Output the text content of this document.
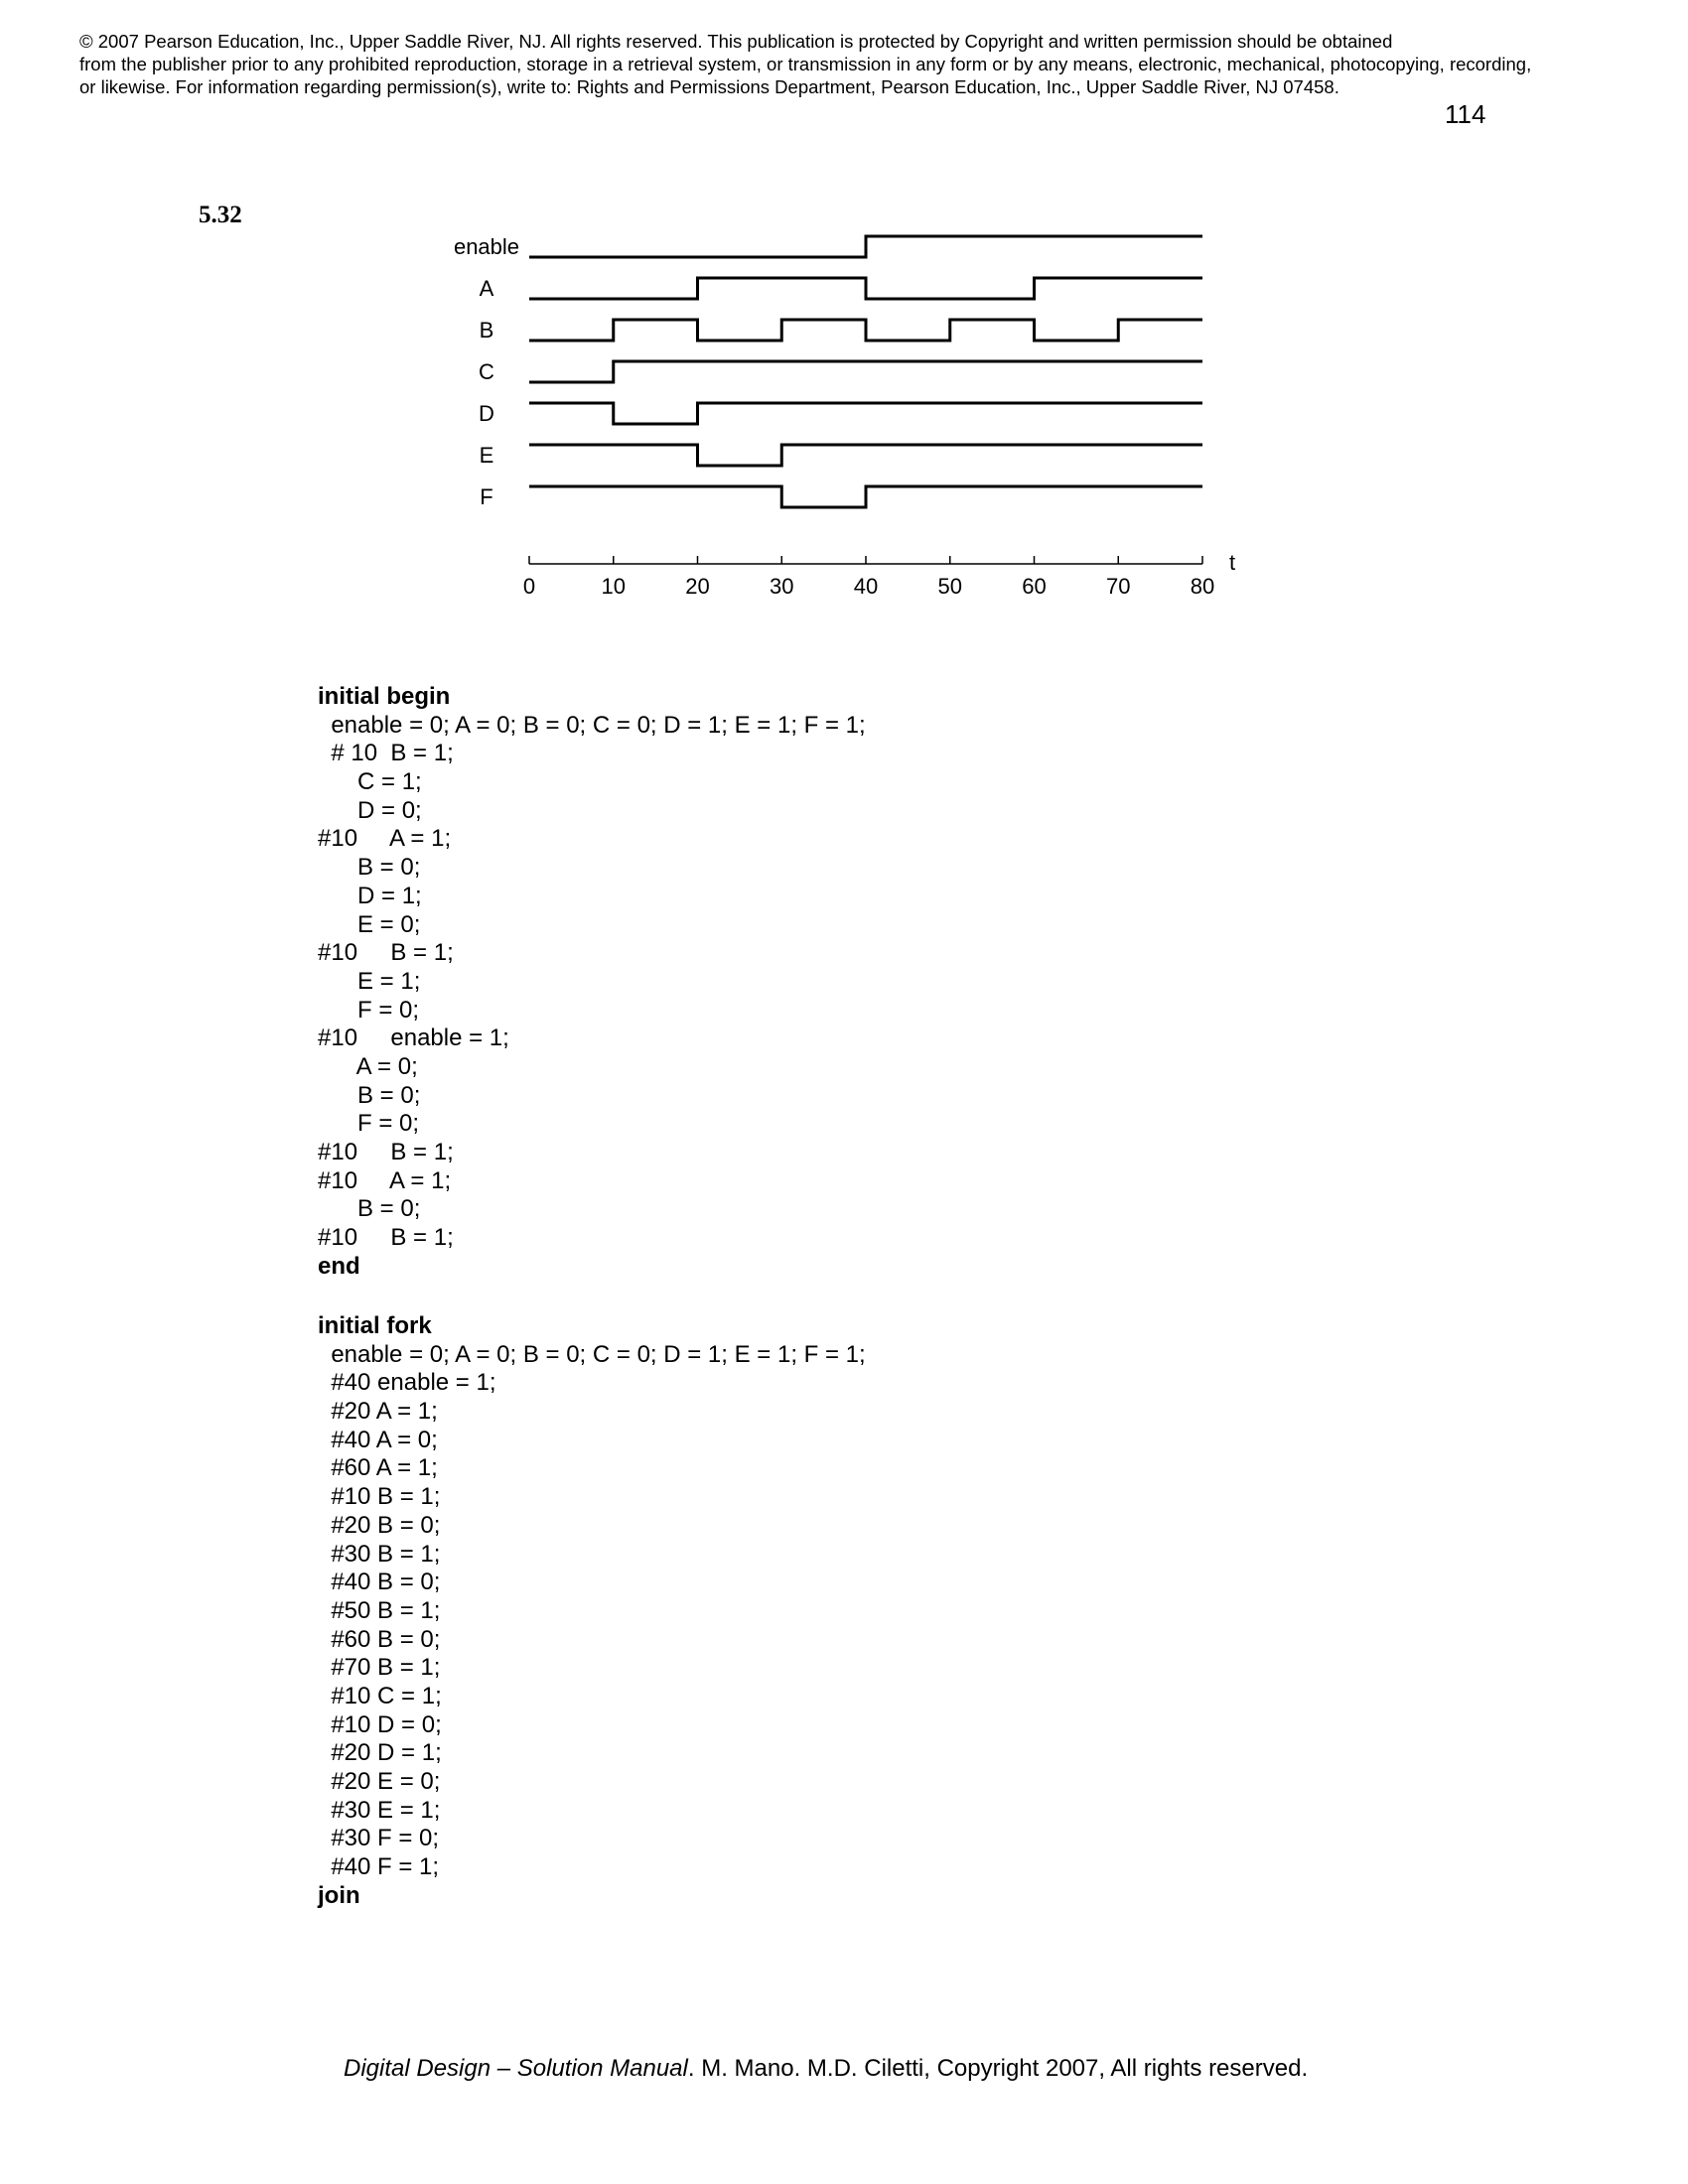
© 2007 Pearson Education, Inc., Upper Saddle River, NJ. All rights reserved. This publication is protected by Copyright and written permission should be obtained
from the publisher prior to any prohibited reproduction, storage in a retrieval system, or transmission in any form or by any means, electronic, mechanical, photocopying, recording,
or likewise. For information regarding permission(s), write to: Rights and Permissions Department, Pearson Education, Inc., Upper Saddle River, NJ 07458.
114
5.32
enable
A
B
C
D
E
F
0	10	20	30	40	50	60	70	80
t
initial begin
enable = 0; A = 0; B = 0; C = 0; D = 1; E = 1; F = 1;
# 10  B = 1;
C = 1;
D = 0;
#10     A = 1;
B = 0;
D = 1;
E = 0;
#10     B = 1;
E = 1;
F = 0;
#10     enable = 1;
A = 0;
B = 0;
F = 0;
#10     B = 1;
#10     A = 1;
B = 0;
#10     B = 1;
end
initial fork
enable = 0; A = 0; B = 0; C = 0; D = 1; E = 1; F = 1;
#40 enable = 1;
#20 A = 1;
#40 A = 0;
#60 A = 1;
#10 B = 1;
#20 B = 0;
#30 B = 1;
#40 B = 0;
#50 B = 1;
#60 B = 0;
#70 B = 1;
#10 C = 1;
#10 D = 0;
#20 D = 1;
#20 E = 0;
#30 E = 1;
#30 F = 0;
#40 F = 1;
join
Digital Design – Solution Manual. M. Mano. M.D. Ciletti, Copyright 2007, All rights reserved.
